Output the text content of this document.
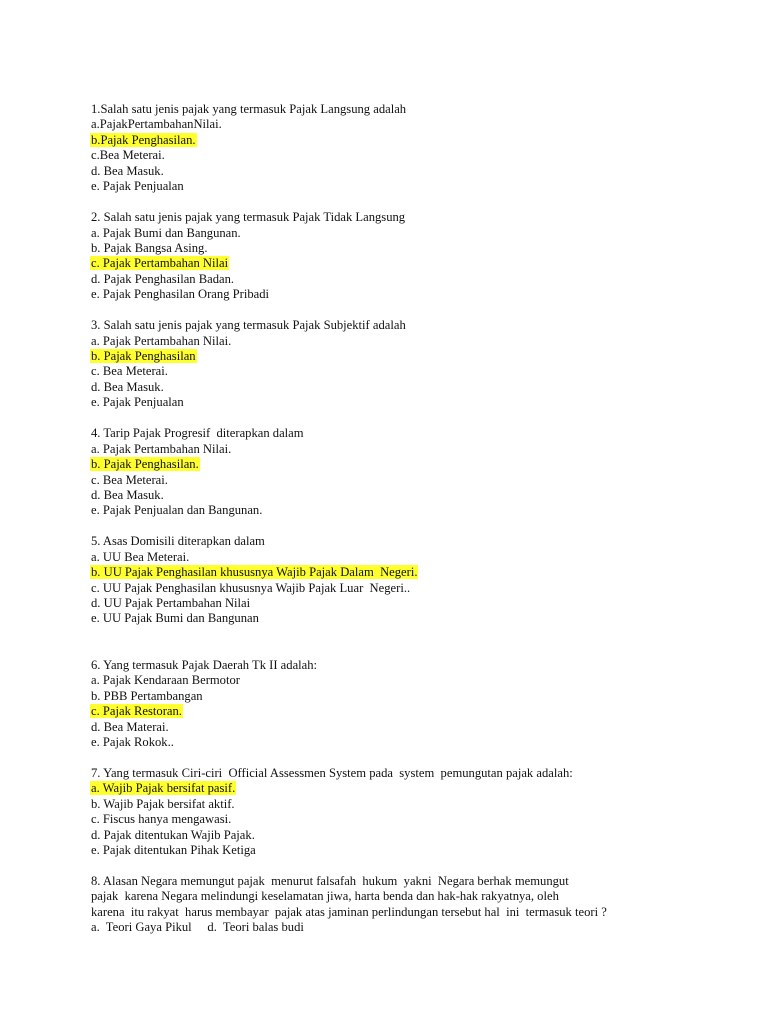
1.Salah satu jenis pajak yang termasuk Pajak Langsung adalah
a.PajakPertambahanNilai.
b.Pajak Penghasilan.
c.Bea Meterai.
d. Bea Masuk.
e. Pajak Penjualan
2. Salah satu jenis pajak yang termasuk Pajak Tidak Langsung
a. Pajak Bumi dan Bangunan.
b. Pajak Bangsa Asing.
c. Pajak Pertambahan Nilai
d. Pajak Penghasilan Badan.
e. Pajak Penghasilan Orang Pribadi
3. Salah satu jenis pajak yang termasuk Pajak Subjektif adalah
a. Pajak Pertambahan Nilai.
b. Pajak Penghasilan
c. Bea Meterai.
d. Bea Masuk.
e. Pajak Penjualan
4. Tarip Pajak Progresif  diterapkan dalam
a. Pajak Pertambahan Nilai.
b. Pajak Penghasilan.
c. Bea Meterai.
d. Bea Masuk.
e. Pajak Penjualan dan Bangunan.
5. Asas Domisili diterapkan dalam
a. UU Bea Meterai.
b. UU Pajak Penghasilan khususnya Wajib Pajak Dalam  Negeri.
c. UU Pajak Penghasilan khususnya Wajib Pajak Luar  Negeri..
d. UU Pajak Pertambahan Nilai
e. UU Pajak Bumi dan Bangunan
6. Yang termasuk Pajak Daerah Tk II adalah:
a. Pajak Kendaraan Bermotor
b. PBB Pertambangan
c. Pajak Restoran.
d. Bea Materai.
e. Pajak Rokok..
7. Yang termasuk Ciri-ciri  Official Assessmen System pada  system  pemungutan pajak adalah:
a. Wajib Pajak bersifat pasif.
b. Wajib Pajak bersifat aktif.
c. Fiscus hanya mengawasi.
d. Pajak ditentukan Wajib Pajak.
e. Pajak ditentukan Pihak Ketiga
8. Alasan Negara memungut pajak  menurut falsafah  hukum  yakni  Negara berhak memungut
pajak  karena Negara melindungi keselamatan jiwa, harta benda dan hak-hak rakyatnya, oleh
karena  itu rakyat  harus membayar  pajak atas jaminan perlindungan tersebut hal  ini  termasuk teori ?
a.  Teori Gaya Pikul     d.  Teori balas budi
